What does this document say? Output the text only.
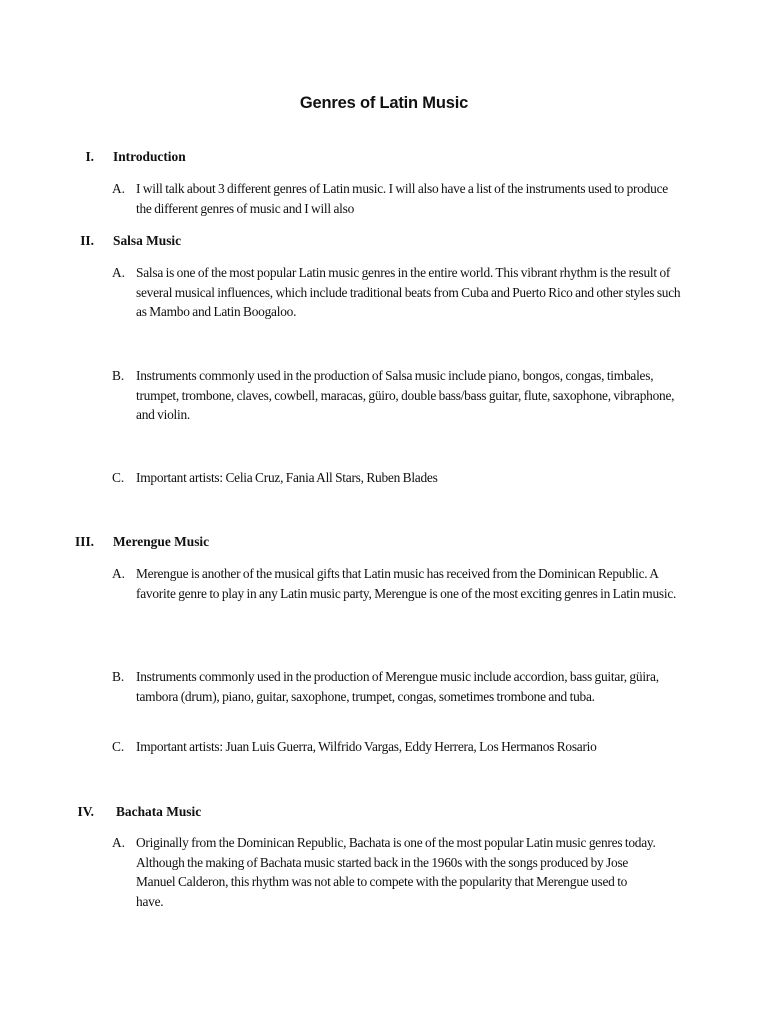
Genres of Latin Music
I. Introduction
A. I will talk about 3 different genres of Latin music. I will also have a list of the instruments used to produce the different genres of music and I will also
II. Salsa Music
A. Salsa is one of the most popular Latin music genres in the entire world. This vibrant rhythm is the result of several musical influences, which include traditional beats from Cuba and Puerto Rico and other styles such as Mambo and Latin Boogaloo.
B. Instruments commonly used in the production of Salsa music include piano, bongos, congas, timbales, trumpet, trombone, claves, cowbell, maracas, güiro, double bass/bass guitar, flute, saxophone, vibraphone, and violin.
C. Important artists: Celia Cruz, Fania All Stars, Ruben Blades
III. Merengue Music
A. Merengue is another of the musical gifts that Latin music has received from the Dominican Republic. A favorite genre to play in any Latin music party, Merengue is one of the most exciting genres in Latin music.
B. Instruments commonly used in the production of Merengue music include accordion, bass guitar, güira, tambora (drum), piano, guitar, saxophone, trumpet, congas, sometimes trombone and tuba.
C. Important artists: Juan Luis Guerra, Wilfrido Vargas, Eddy Herrera, Los Hermanos Rosario
IV. Bachata Music
A. Originally from the Dominican Republic, Bachata is one of the most popular Latin music genres today. Although the making of Bachata music started back in the 1960s with the songs produced by Jose Manuel Calderon, this rhythm was not able to compete with the popularity that Merengue used to have.
